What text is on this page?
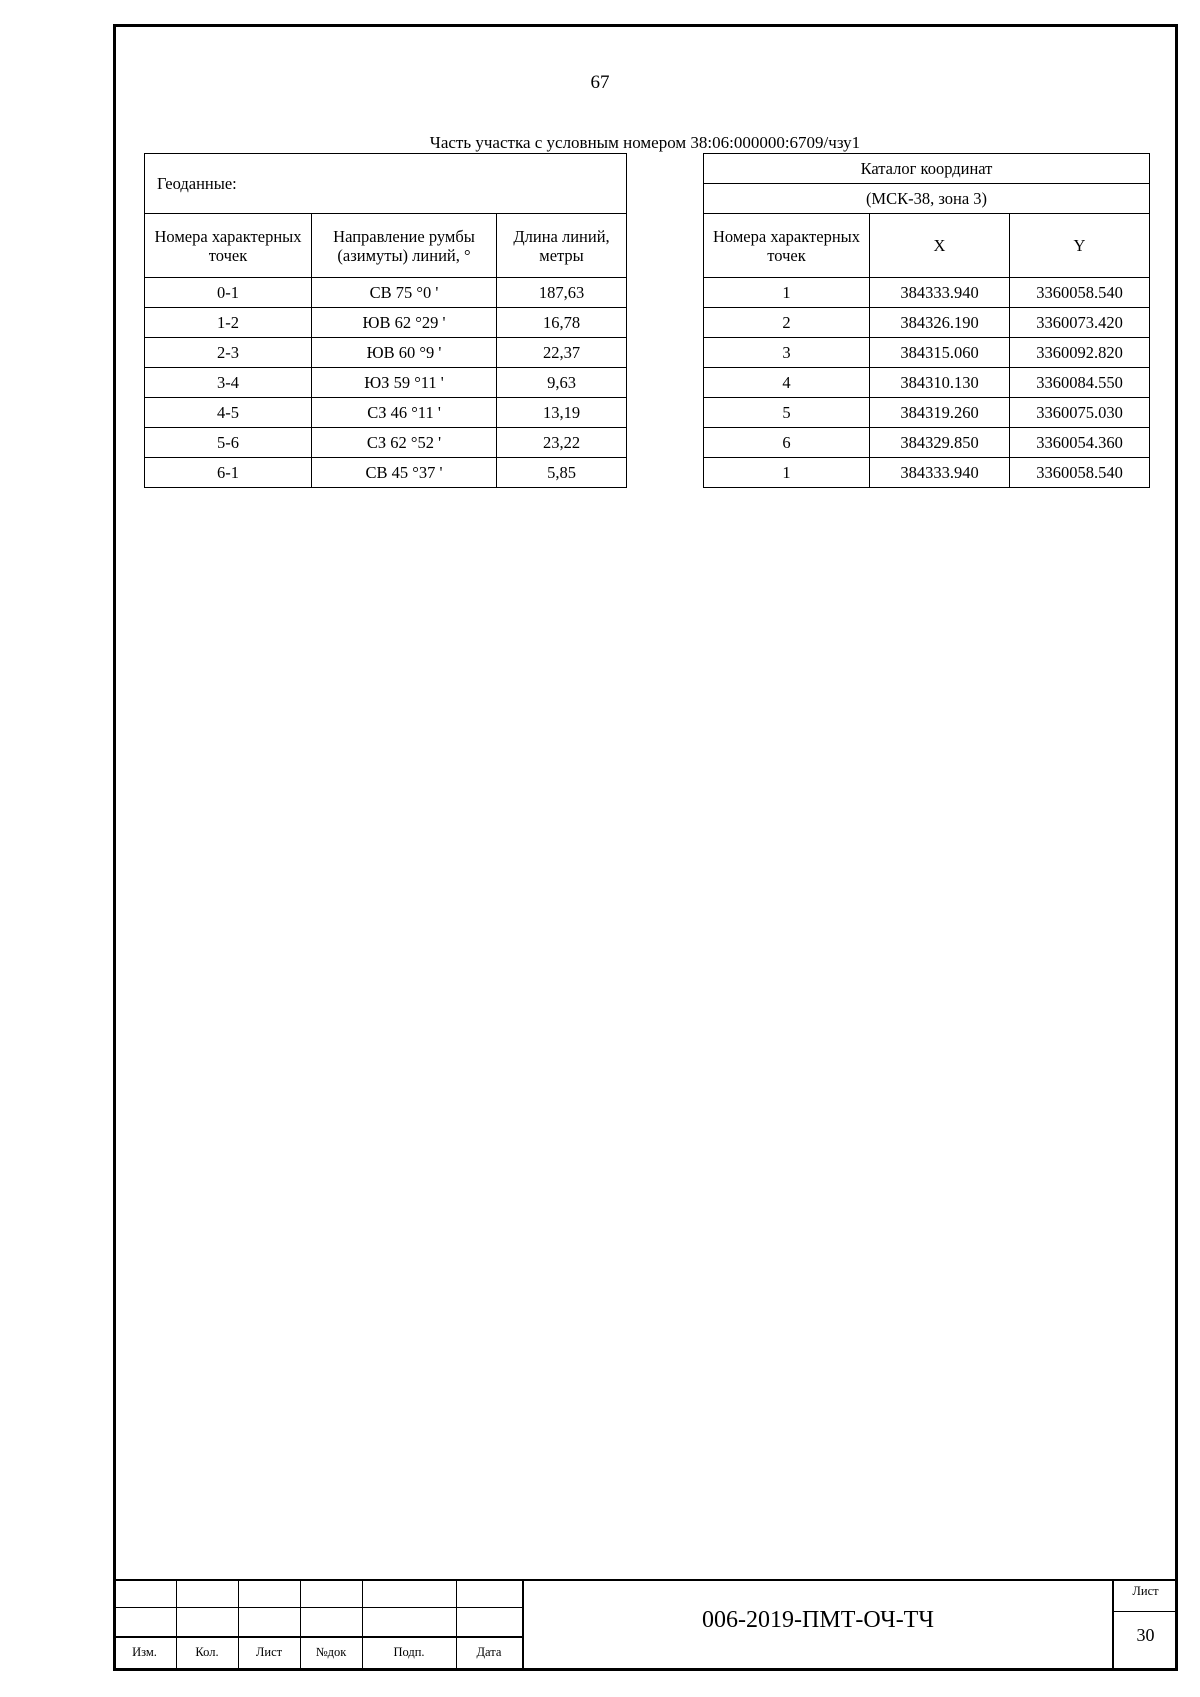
67
Часть участка с условным номером 38:06:000000:6709/чзу1
Геоданные:		
Номера характерных точек	Направление румбы (азимуты) линий, °	Длина линий, метры
0-1	СВ 75 °0 '	187,63
1-2	ЮВ 62 °29 '	16,78
2-3	ЮВ 60 °9 '	22,37
3-4	ЮЗ 59 °11 '	9,63
4-5	СЗ 46 °11 '	13,19
5-6	СЗ 62 °52 '	23,22
6-1	СВ 45 °37 '	5,85
Каталог координат		
(МСК-38, зона 3)		
Номера характерных точек	X	Y
1	384333.940	3360058.540
2	384326.190	3360073.420
3	384315.060	3360092.820
4	384310.130	3360084.550
5	384319.260	3360075.030
6	384329.850	3360054.360
1	384333.940	3360058.540
Изм.	Кол.	Лист	№док	Подп.	Дата
006-2019-ПМТ-ОЧ-ТЧ
Лист
30
